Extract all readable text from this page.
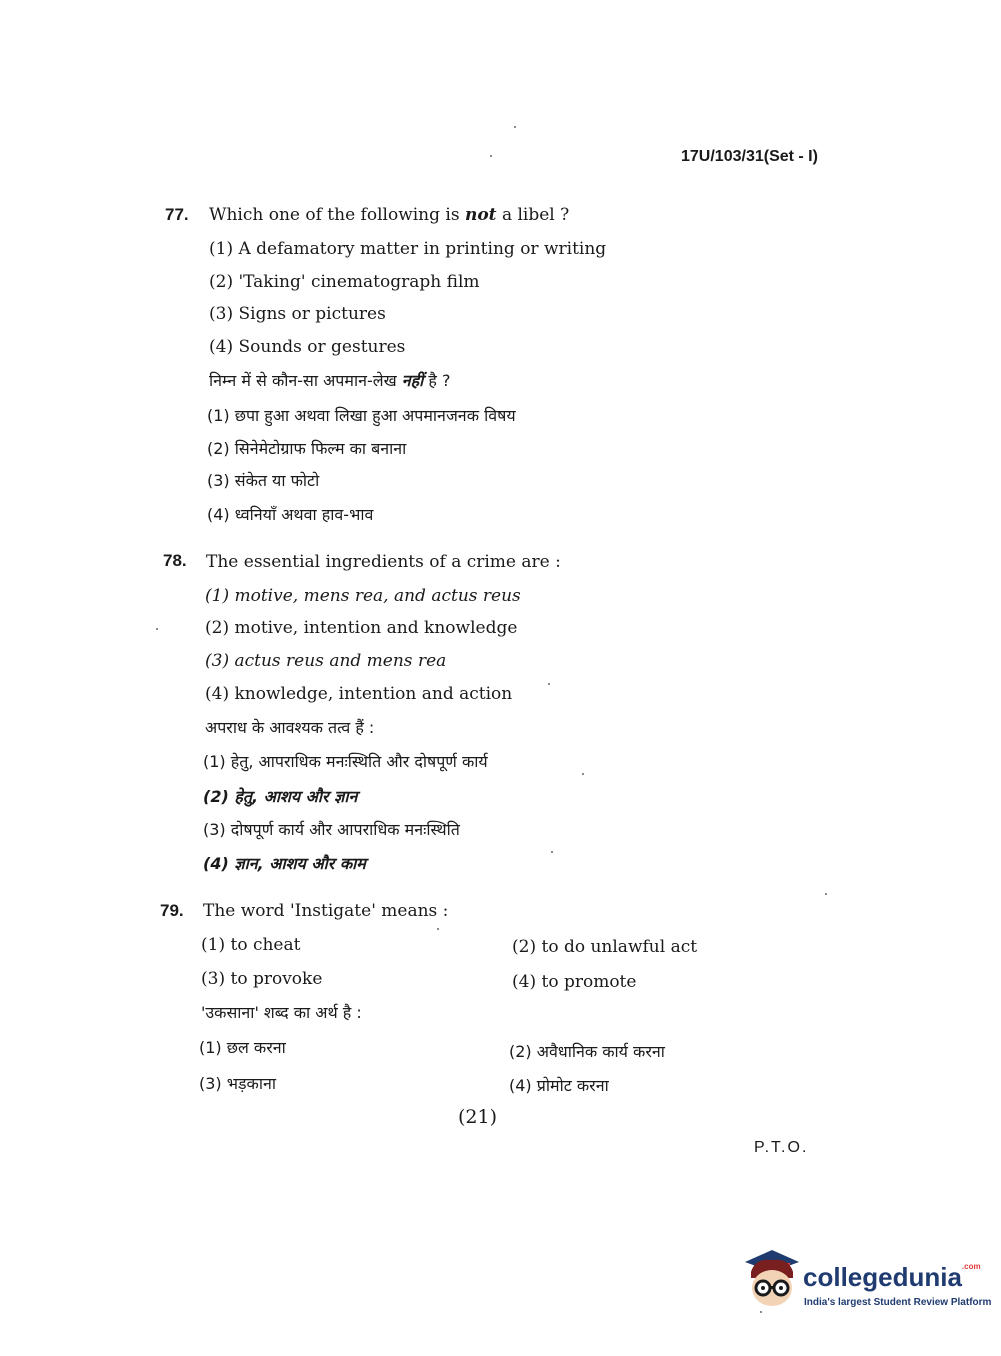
17U/103/31(Set - I)
77. Which one of the following is not a libel ?
(1) A defamatory matter in printing or writing
(2) 'Taking' cinematograph film
(3) Signs or pictures
(4) Sounds or gestures
निम्न में से कौन-सा अपमान-लेख नहीं है ?
(1) छपा हुआ अथवा लिखा हुआ अपमानजनक विषय
(2) सिनेमेटोग्राफ फिल्म का बनाना
(3) संकेत या फोटो
(4) ध्वनियाँ अथवा हाव-भाव
78. The essential ingredients of a crime are :
(1) motive, mens rea, and actus reus
(2) motive, intention and knowledge
(3) actus reus and mens rea
(4) knowledge, intention and action
अपराध के आवश्यक तत्व हैं :
(1) हेतु, आपराधिक मनःस्थिति और दोषपूर्ण कार्य
(2) हेतु, आशय और ज्ञान
(3) दोषपूर्ण कार्य और आपराधिक मनःस्थिति
(4) ज्ञान, आशय और काम
79. The word 'Instigate' means :
(1) to cheat	(2) to do unlawful act
(3) to provoke	(4) to promote
'उकसाना' शब्द का अर्थ है :
(1) छल करना	(2) अवैधानिक कार्य करना
(3) भड़काना	(4) प्रोमोट करना
(21)
P.T.O.
collegedunia$^{.com}$
India's largest Student Review Platform
